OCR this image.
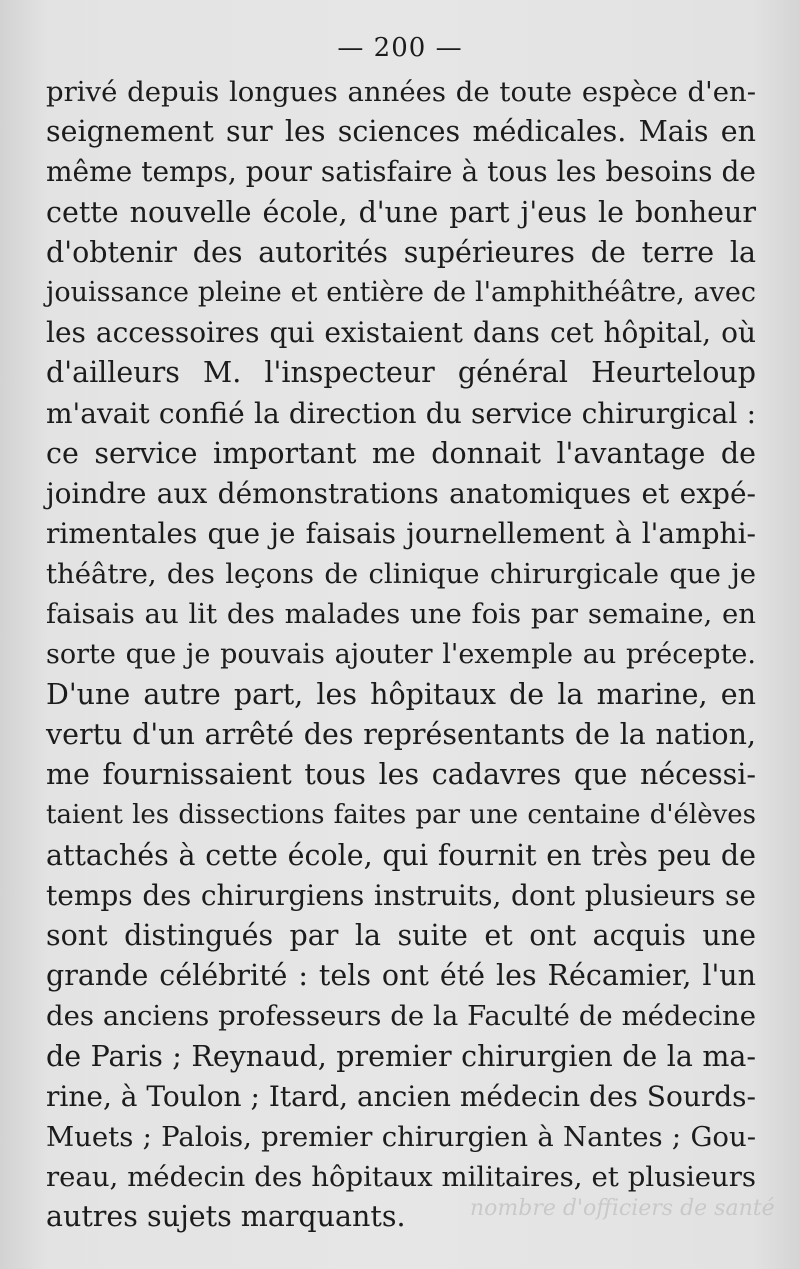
— 200 —
privé depuis longues années de toute espèce d'en-
seignement sur les sciences médicales. Mais en
même temps, pour satisfaire à tous les besoins de
cette nouvelle école, d'une part j'eus le bonheur
d'obtenir des autorités supérieures de terre la
jouissance pleine et entière de l'amphithéâtre, avec
les accessoires qui existaient dans cet hôpital, où
d'ailleurs M. l'inspecteur général Heurteloup
m'avait confié la direction du service chirurgical :
ce service important me donnait l'avantage de
joindre aux démonstrations anatomiques et expé-
rimentales que je faisais journellement à l'amphi-
théâtre, des leçons de clinique chirurgicale que je
faisais au lit des malades une fois par semaine, en
sorte que je pouvais ajouter l'exemple au précepte.
D'une autre part, les hôpitaux de la marine, en
vertu d'un arrêté des représentants de la nation,
me fournissaient tous les cadavres que nécessi-
taient les dissections faites par une centaine d'élèves
attachés à cette école, qui fournit en très peu de
temps des chirurgiens instruits, dont plusieurs se
sont distingués par la suite et ont acquis une
grande célébrité : tels ont été les Récamier, l'un
des anciens professeurs de la Faculté de médecine
de Paris ; Reynaud, premier chirurgien de la ma-
rine, à Toulon ; Itard, ancien médecin des Sourds-
Muets ; Palois, premier chirurgien à Nantes ; Gou-
reau, médecin des hôpitaux militaires, et plusieurs
autres sujets marquants.	nombre d'officiers de santé
